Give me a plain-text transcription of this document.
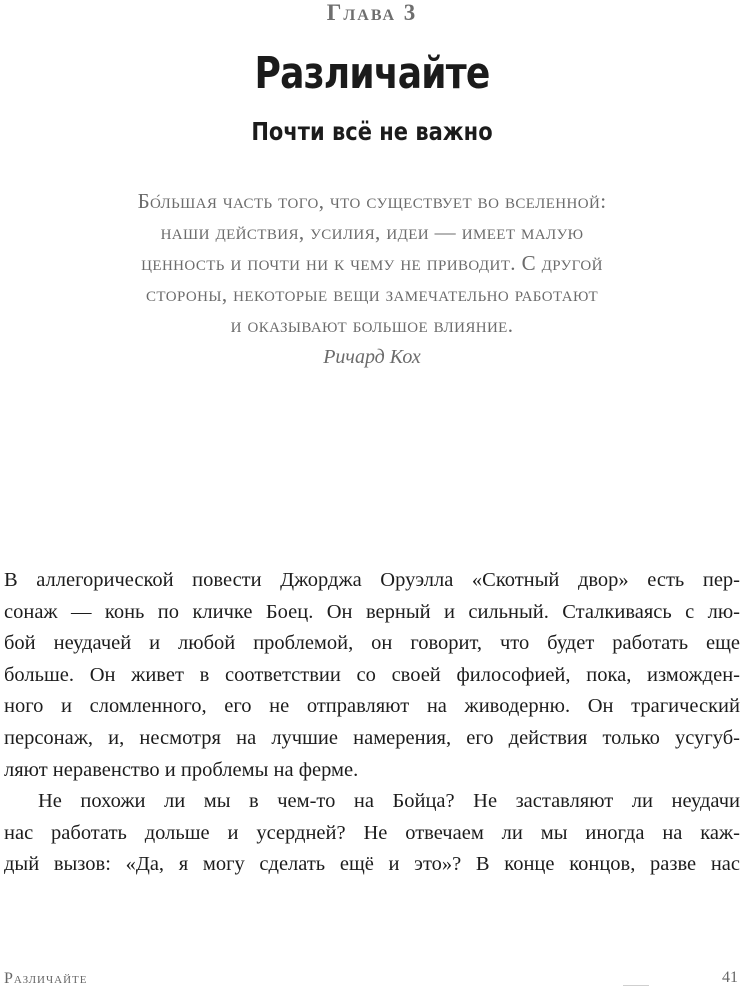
Глава 3
Различайте
Почти всё не важно
Бо́льшая часть того, что существует во вселенной:
наши действия, усилия, идеи — имеет малую
ценность и почти ни к чему не приводит. С другой
стороны, некоторые вещи замечательно работают
и оказывают большое влияние.
Ричард Кох
В аллегорической повести Джорджа Оруэлла «Скотный двор» есть пер-
сонаж — конь по кличке Боец. Он верный и сильный. Сталкиваясь с лю-
бой неудачей и любой проблемой, он говорит, что будет работать еще
больше. Он живет в соответствии со своей философией, пока, изможден-
ного и сломленного, его не отправляют на живодерню. Он трагический
персонаж, и, несмотря на лучшие намерения, его действия только усугуб-
ляют неравенство и проблемы на ферме.
Не похожи ли мы в чем-то на Бойца? Не заставляют ли неудачи
нас работать дольше и усердней? Не отвечаем ли мы иногда на каж-
дый вызов: «Да, я могу сделать ещё и это»? В конце концов, разве нас
Различайте	41
